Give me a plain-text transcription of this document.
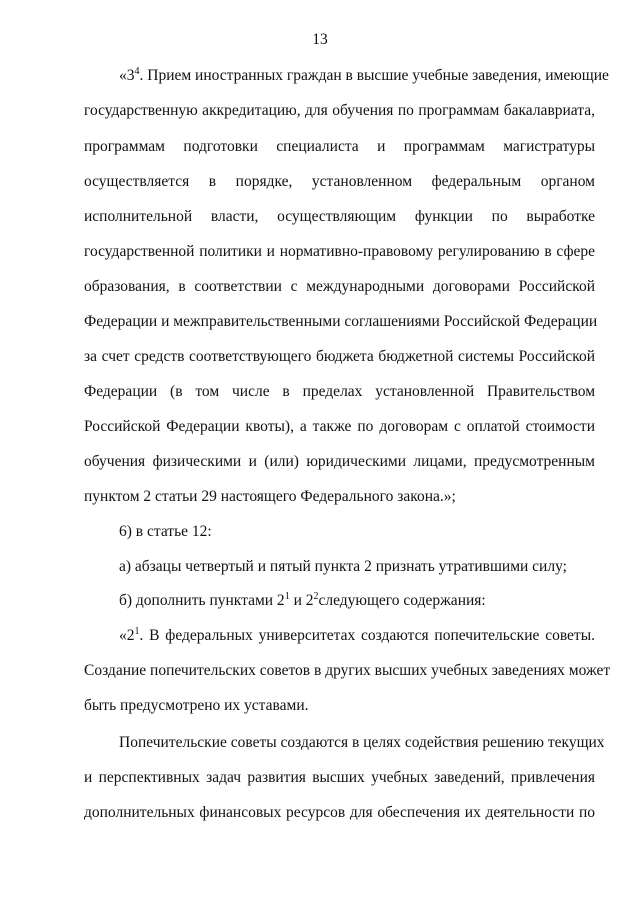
13
«$3^4$. Прием иностранных граждан в высшие учебные заведения, имеющие
государственную аккредитацию, для обучения по программам бакалавриата,
программам подготовки специалиста и программам магистратуры
осуществляется в порядке, установленном федеральным органом
исполнительной власти, осуществляющим функции по выработке
государственной политики и нормативно-правовому регулированию в сфере
образования, в соответствии с международными договорами Российской
Федерации и межправительственными соглашениями Российской Федерации
за счет средств соответствующего бюджета бюджетной системы Российской
Федерации (в том числе в пределах установленной Правительством
Российской Федерации квоты), а также по договорам с оплатой стоимости
обучения физическими и (или) юридическими лицами, предусмотренным
пунктом 2 статьи 29 настоящего Федерального закона.»;
6) в статье 12:
а) абзацы четвертый и пятый пункта 2 признать утратившими силу;
б) дополнить пунктами $2^1$ и $2^2следующего$ содержания:
«$2^1$. В федеральных университетах создаются попечительские советы.
Создание попечительских советов в других высших учебных заведениях может
быть предусмотрено их уставами.
Попечительские советы создаются в целях содействия решению текущих
и перспективных задач развития высших учебных заведений, привлечения
дополнительных финансовых ресурсов для обеспечения их деятельности по
